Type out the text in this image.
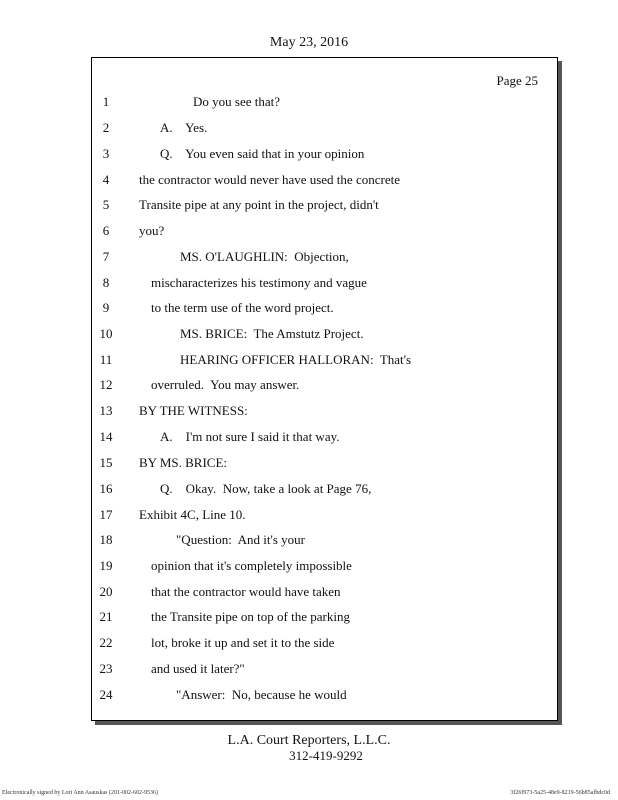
May 23, 2016
Page 25
1	Do you see that?
2	A.    Yes.
3	Q.    You even said that in your opinion
4	the contractor would never have used the concrete
5	Transite pipe at any point in the project, didn't
6	you?
7	MS. O'LAUGHLIN:  Objection,
8	mischaracterizes his testimony and vague
9	to the term use of the word project.
10	MS. BRICE:  The Amstutz Project.
11	HEARING OFFICER HALLORAN:  That's
12	overruled.  You may answer.
13 BY THE WITNESS:
14	A.    I'm not sure I said it that way.
15 BY MS. BRICE:
16	Q.    Okay.  Now, take a look at Page 76,
17 Exhibit 4C, Line 10.
18	"Question:  And it's your
19	opinion that it's completely impossible
20	that the contractor would have taken
21	the Transite pipe on top of the parking
22	lot, broke it up and set it to the side
23	and used it later?"
24	"Answer:  No, because he would
L.A. Court Reporters, L.L.C.
312-419-9292
Electronically signed by Lori Ann Asauskas (201-002-602-9536)	3f26f973-5a25-48e9-8219-56b85afbdc0d
